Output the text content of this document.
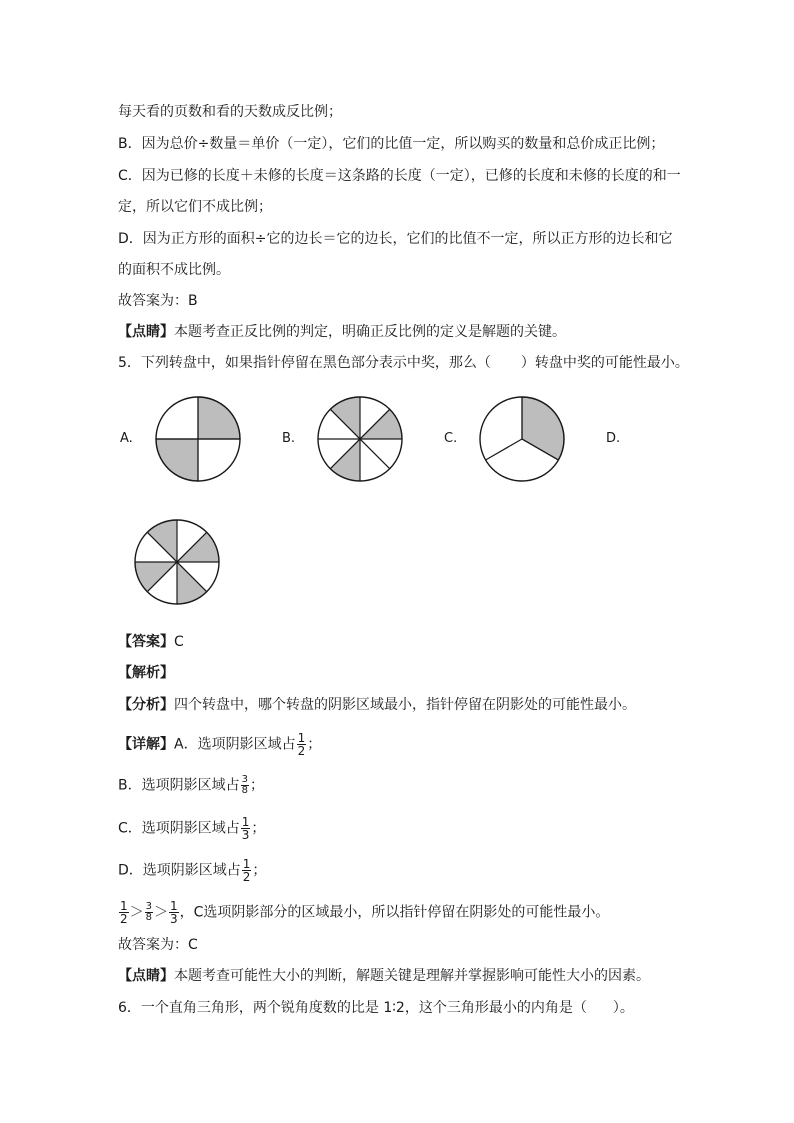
每天看的页数和看的天数成反比例；
B．因为总价÷数量＝单价（一定），它们的比值一定，所以购买的数量和总价成正比例；
C．因为已修的长度＋未修的长度＝这条路的长度（一定），已修的长度和未修的长度的和一
定，所以它们不成比例；
D．因为正方形的面积÷它的边长＝它的边长，它们的比值不一定，所以正方形的边长和它
的面积不成比例。
故答案为：B
【点睛】本题考查正反比例的判定，明确正反比例的定义是解题的关键。
5．下列转盘中，如果指针停留在黑色部分表示中奖，那么（ ）转盘中奖的可能性最小。
A.	B.	C.	D.
【答案】C
【解析】
【分析】四个转盘中，哪个转盘的阴影区域最小，指针停留在阴影处的可能性最小。
【详解】A．选项阴影区域占 $\frac{1}{2}$ ；
B．选项阴影区域占 $\frac{3}{8}$ ；
C．选项阴影区域占 $\frac{1}{3}$ ；
D．选项阴影区域占 $\frac{1}{2}$ ；
$\frac{1}{2} > \frac{3}{8} > \frac{1}{3}$ ，C选项阴影部分的区域最小，所以指针停留在阴影处的可能性最小。
故答案为：C
【点睛】本题考查可能性大小的判断，解题关键是理解并掌握影响可能性大小的因素。
6．一个直角三角形，两个锐角度数的比是 1∶2，这个三角形最小的内角是（ ）。
